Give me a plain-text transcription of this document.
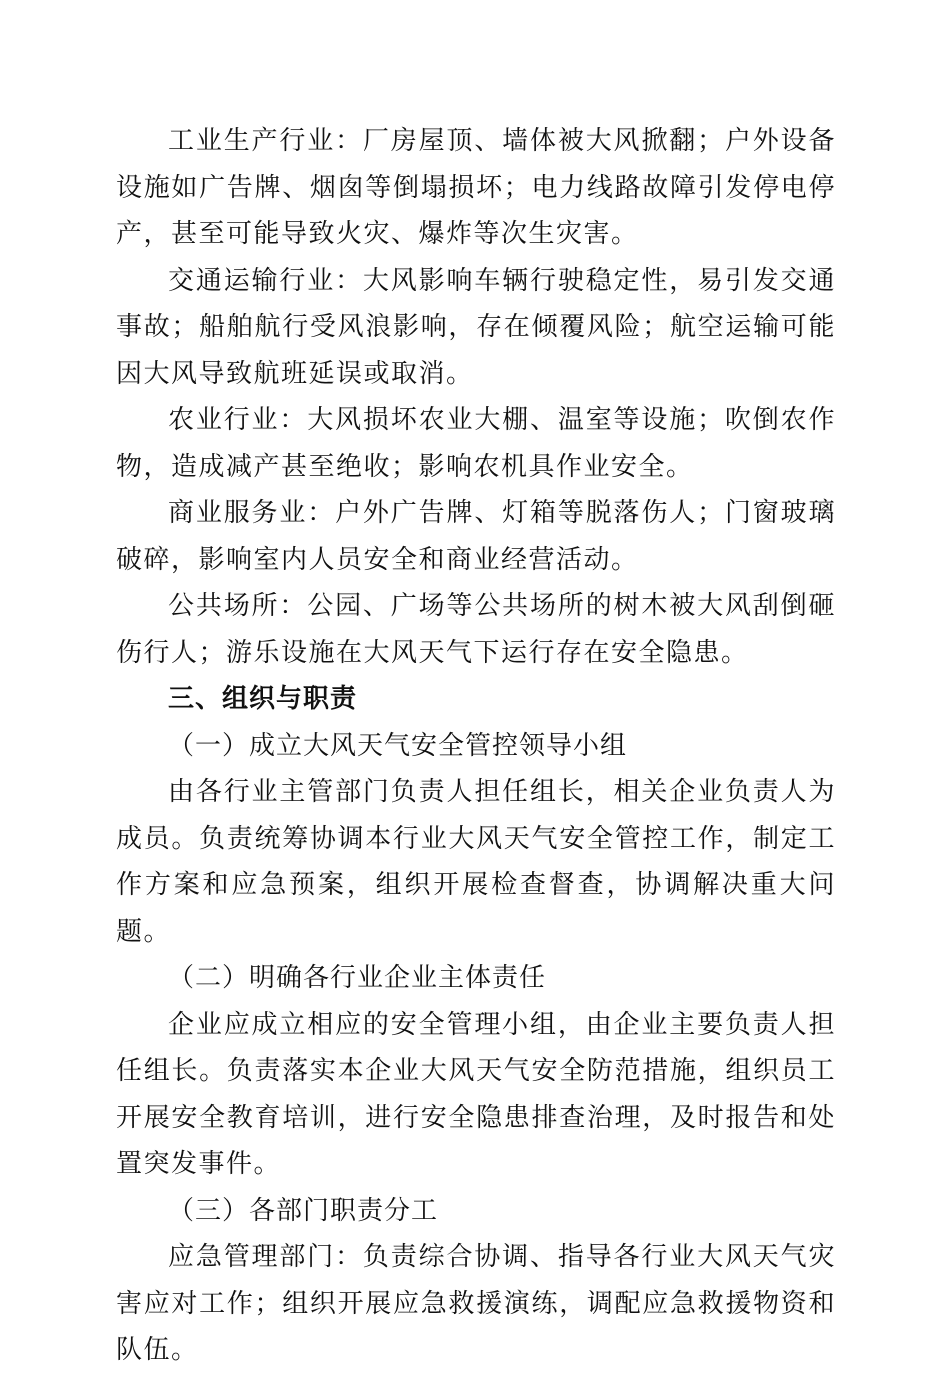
工业生产行业：厂房屋顶、墙体被大风掀翻；户外设备设施如广告牌、烟囱等倒塌损坏；电力线路故障引发停电停产，甚至可能导致火灾、爆炸等次生灾害。

交通运输行业：大风影响车辆行驶稳定性，易引发交通事故；船舶航行受风浪影响，存在倾覆风险；航空运输可能因大风导致航班延误或取消。

农业行业：大风损坏农业大棚、温室等设施；吹倒农作物，造成减产甚至绝收；影响农机具作业安全。

商业服务业：户外广告牌、灯箱等脱落伤人；门窗玻璃破碎，影响室内人员安全和商业经营活动。

公共场所：公园、广场等公共场所的树木被大风刮倒砸伤行人；游乐设施在大风天气下运行存在安全隐患。

三、组织与职责

（一）成立大风天气安全管控领导小组

由各行业主管部门负责人担任组长，相关企业负责人为成员。负责统筹协调本行业大风天气安全管控工作，制定工作方案和应急预案，组织开展检查督查，协调解决重大问题。

（二）明确各行业企业主体责任

企业应成立相应的安全管理小组，由企业主要负责人担任组长。负责落实本企业大风天气安全防范措施，组织员工开展安全教育培训，进行安全隐患排查治理，及时报告和处置突发事件。

（三）各部门职责分工

应急管理部门：负责综合协调、指导各行业大风天气灾害应对工作；组织开展应急救援演练，调配应急救援物资和队伍。
